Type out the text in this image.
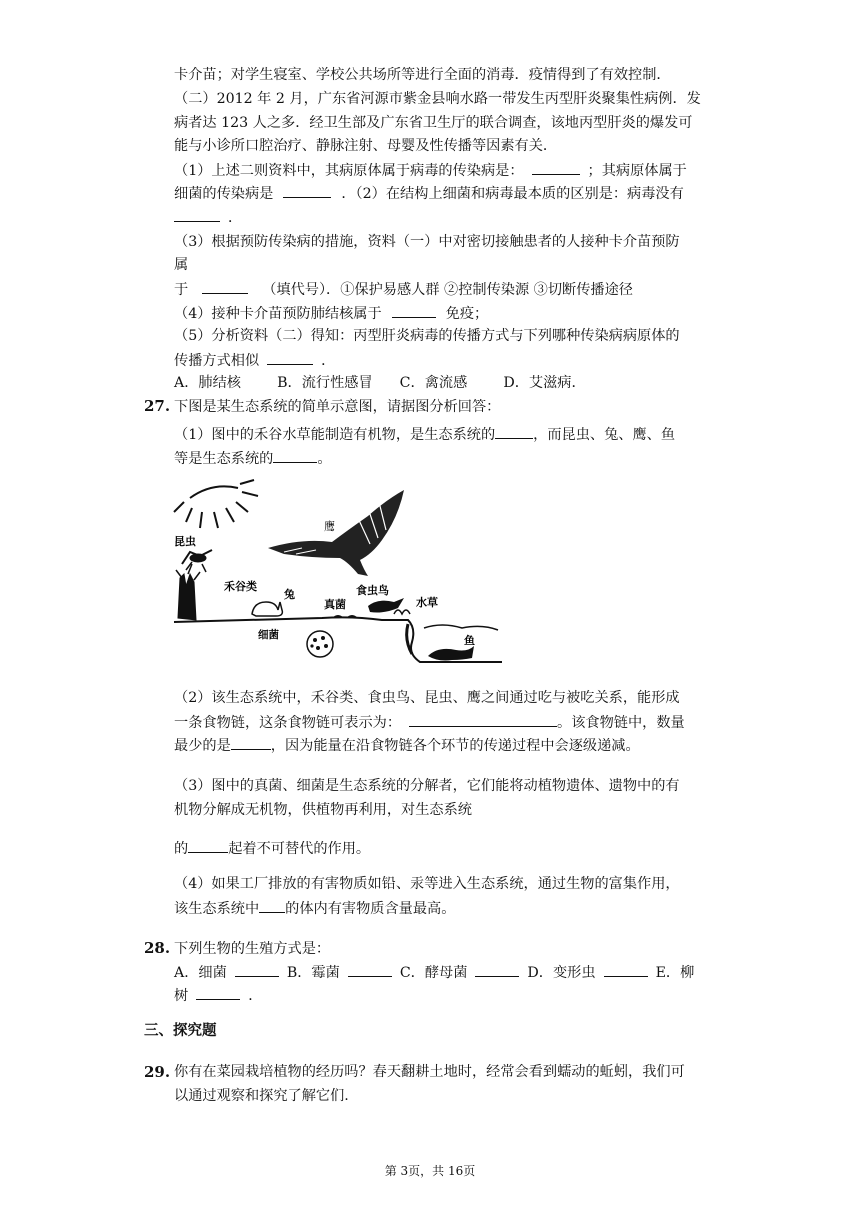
卡介苗；对学生寝室、学校公共场所等进行全面的消毒．疫情得到了有效控制．
（二）2012 年 2 月，广东省河源市紫金县响水路一带发生丙型肝炎聚集性病例．发
病者达 123 人之多．经卫生部及广东省卫生厅的联合调查，该地丙型肝炎的爆发可
能与小诊所口腔治疗、静脉注射、母婴及性传播等因素有关．
（1）上述二则资料中，其病原体属于病毒的传染病是：	；其病原体属于
细菌的传染病是	．（2）在结构上细菌和病毒最本质的区别是：病毒没有
．
（3）根据预防传染病的措施，资料（一）中对密切接触患者的人接种卡介苗预防
属
于	（填代号）．①保护易感人群 ②控制传染源 ③切断传播途径
（4）接种卡介苗预防肺结核属于	免疫；
（5）分析资料（二）得知：丙型肝炎病毒的传播方式与下列哪种传染病病原体的
传播方式相似	．
A．肺结核        B．流行性感冒      C．禽流感        D．艾滋病．
27. 下图是某生态系统的简单示意图，请据图分析回答：
（1）图中的禾谷水草能制造有机物，是生态系统的	，而昆虫、兔、鹰、鱼
等是生态系统的	。
鹰
昆虫
禾谷类
兔
真菌
食虫鸟
水草
细菌	鱼
（2）该生态系统中，禾谷类、食虫鸟、昆虫、鹰之间通过吃与被吃关系，能形成
一条食物链，这条食物链可表示为：	。该食物链中，数量
最少的是	，因为能量在沿食物链各个环节的传递过程中会逐级递减。
（3）图中的真菌、细菌是生态系统的分解者，它们能将动植物遗体、遗物中的有
机物分解成无机物，供植物再利用，对生态系统
的	起着不可替代的作用。
（4）如果工厂排放的有害物质如铅、汞等进入生态系统，通过生物的富集作用，
该生态系统中 的体内有害物质含量最高。
28. 下列生物的生殖方式是：
A．细菌	B．霉菌	C．酵母菌	D．变形虫	E．柳
树	．
三、探究题
29. 你有在菜园栽培植物的经历吗？春天翻耕土地时，经常会看到蠕动的蚯蚓，我们可
以通过观察和探究了解它们.
第 3页，共 16页
